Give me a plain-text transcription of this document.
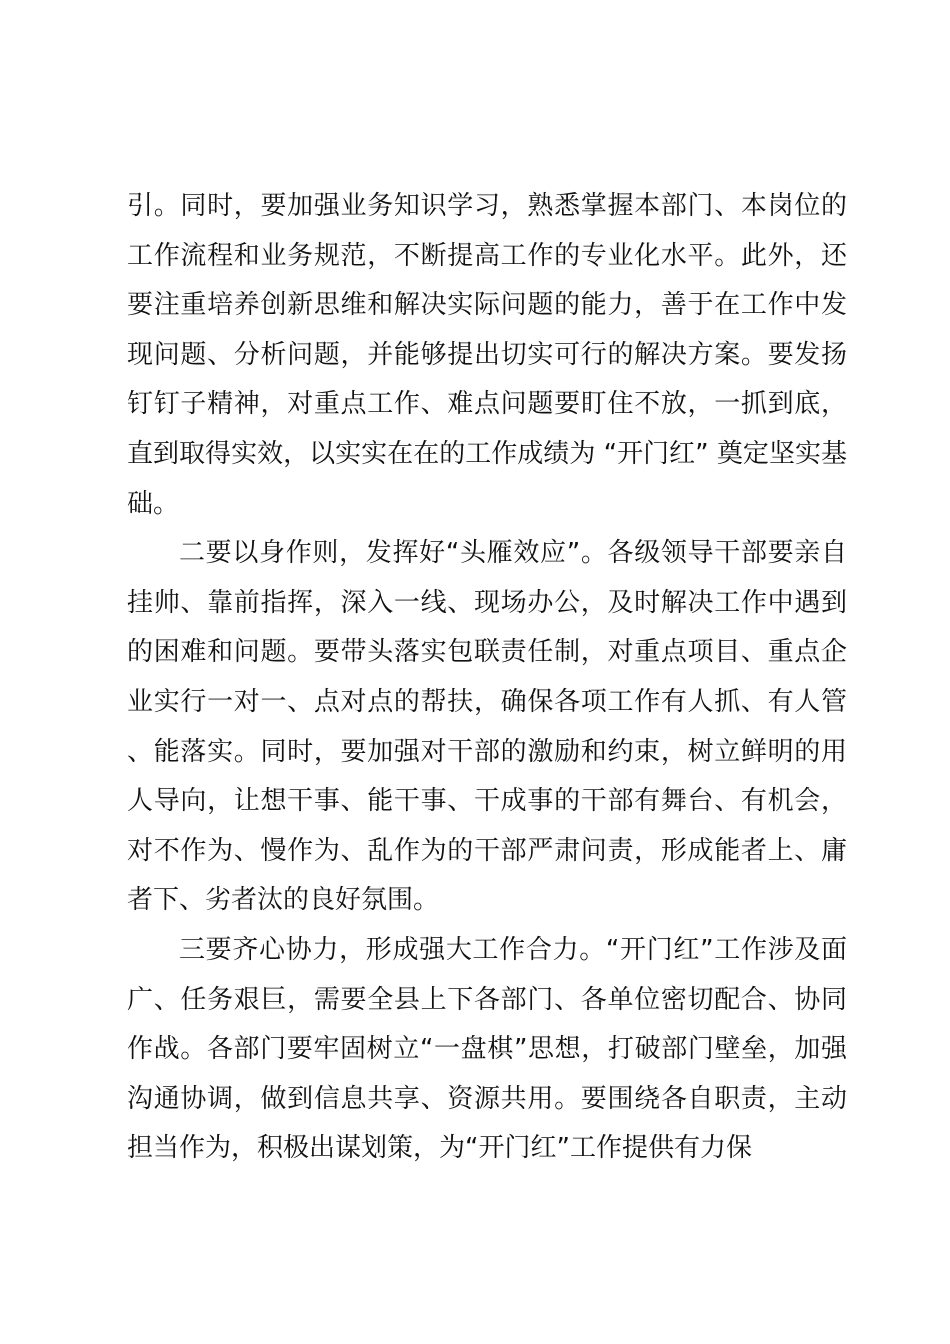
引。同时，要加强业务知识学习，熟悉掌握本部门、本岗位的工作流程和业务规范，不断提高工作的专业化水平。此外，还要注重培养创新思维和解决实际问题的能力，善于在工作中发现问题、分析问题，并能够提出切实可行的解决方案。要发扬钉钉子精神，对重点工作、难点问题要盯住不放，一抓到底，直到取得实效，以实实在在的工作成绩为 “开门红” 奠定坚实基础。

二要以身作则，发挥好“头雁效应”。各级领导干部要亲自挂帅、靠前指挥，深入一线、现场办公，及时解决工作中遇到的困难和问题。要带头落实包联责任制，对重点项目、重点企业实行一对一、点对点的帮扶，确保各项工作有人抓、有人管、能落实。同时，要加强对干部的激励和约束，树立鲜明的用人导向，让想干事、能干事、干成事的干部有舞台、有机会，对不作为、慢作为、乱作为的干部严肃问责，形成能者上、庸者下、劣者汰的良好氛围。

三要齐心协力，形成强大工作合力。“开门红”工作涉及面广、任务艰巨，需要全县上下各部门、各单位密切配合、协同作战。各部门要牢固树立“一盘棋”思想，打破部门壁垒，加强沟通协调，做到信息共享、资源共用。要围绕各自职责，主动担当作为，积极出谋划策，为“开门红”工作提供有力保
